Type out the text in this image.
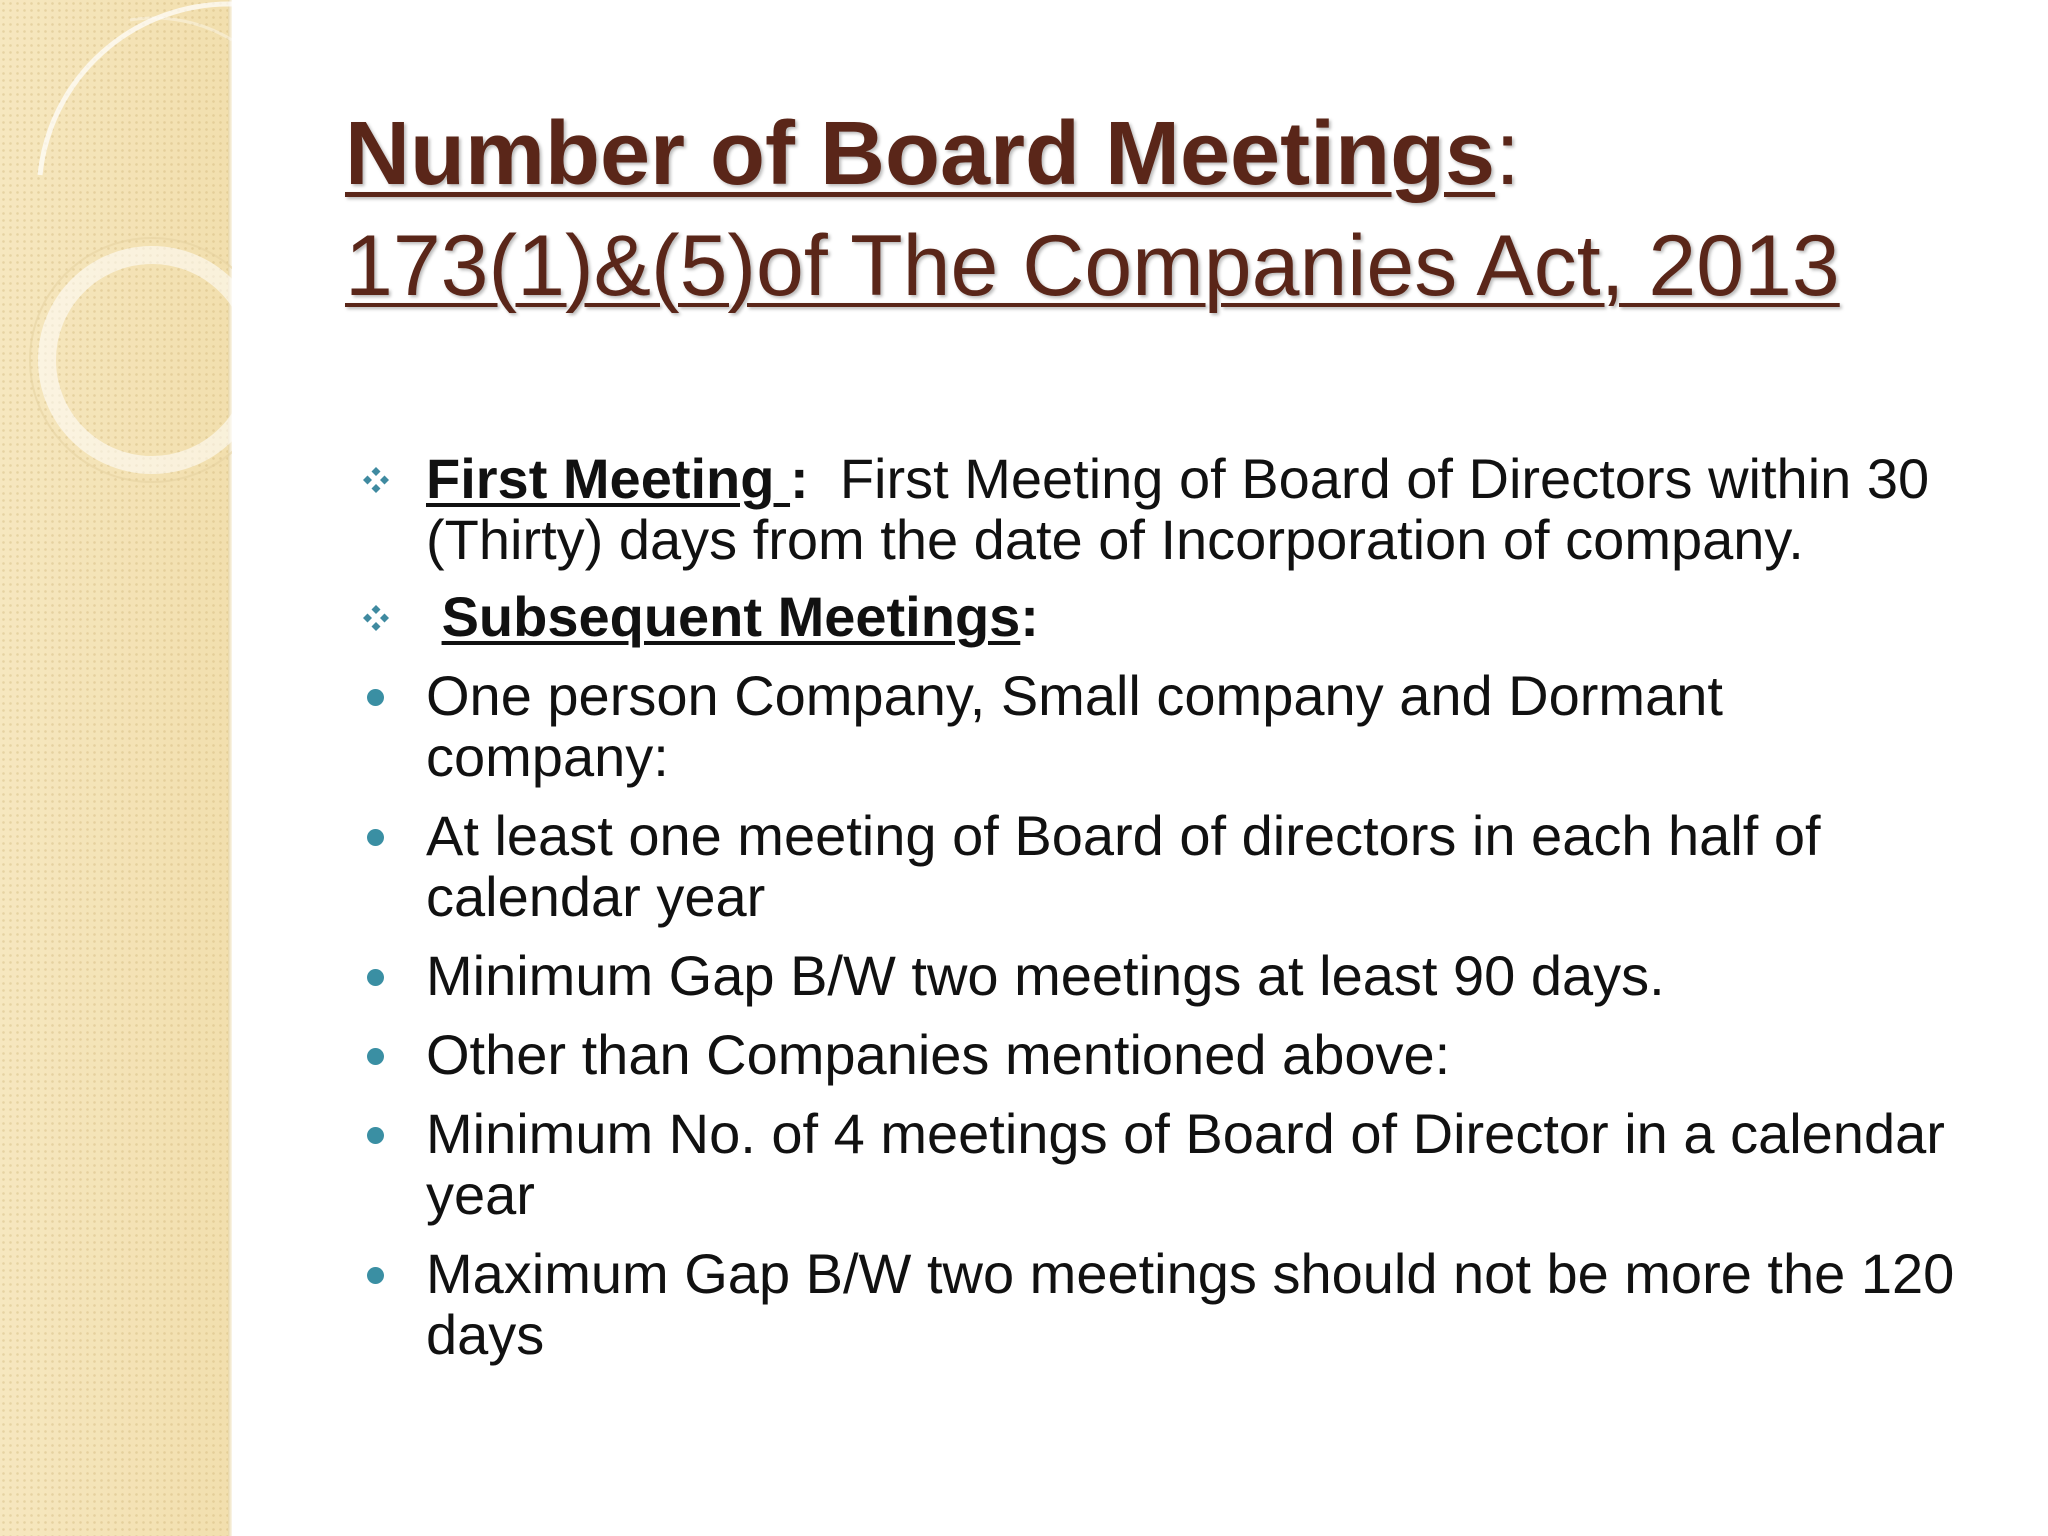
Number of Board Meetings:
173(1)&(5)of The Companies Act, 2013
First Meeting : First Meeting of Board of Directors within 30 (Thirty) days from the date of Incorporation of company.
Subsequent Meetings:
One person Company, Small company and Dormant company:
At least one meeting of Board of directors in each half of calendar year
Minimum Gap B/W two meetings at least 90 days.
Other than Companies mentioned above:
Minimum No. of 4 meetings of Board of Director in a calendar year
Maximum Gap B/W two meetings should not be more the 120 days
